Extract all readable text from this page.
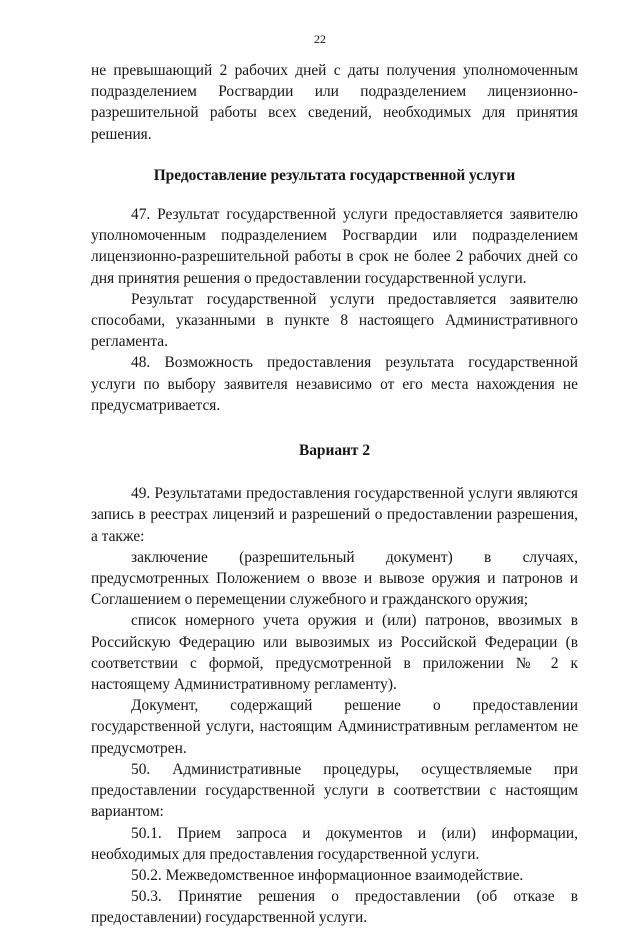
22

не превышающий 2 рабочих дней с даты получения уполномоченным подразделением Росгвардии или подразделением лицензионно-разрешительной работы всех сведений, необходимых для принятия решения.

Предоставление результата государственной услуги

47. Результат государственной услуги предоставляется заявителю уполномоченным подразделением Росгвардии или подразделением лицензионно-разрешительной работы в срок не более 2 рабочих дней со дня принятия решения о предоставлении государственной услуги.

Результат государственной услуги предоставляется заявителю способами, указанными в пункте 8 настоящего Административного регламента.

48. Возможность предоставления результата государственной услуги по выбору заявителя независимо от его места нахождения не предусматривается.

Вариант 2

49. Результатами предоставления государственной услуги являются запись в реестрах лицензий и разрешений о предоставлении разрешения, а также:

заключение (разрешительный документ) в случаях, предусмотренных Положением о ввозе и вывозе оружия и патронов и Соглашением о перемещении служебного и гражданского оружия;

список номерного учета оружия и (или) патронов, ввозимых в Российскую Федерацию или вывозимых из Российской Федерации (в соответствии с формой, предусмотренной в приложении № 2 к настоящему Административному регламенту).

Документ, содержащий решение о предоставлении государственной услуги, настоящим Административным регламентом не предусмотрен.

50. Административные процедуры, осуществляемые при предоставлении государственной услуги в соответствии с настоящим вариантом:

50.1. Прием запроса и документов и (или) информации, необходимых для предоставления государственной услуги.

50.2. Межведомственное информационное взаимодействие.

50.3. Принятие решения о предоставлении (об отказе в предоставлении) государственной услуги.
